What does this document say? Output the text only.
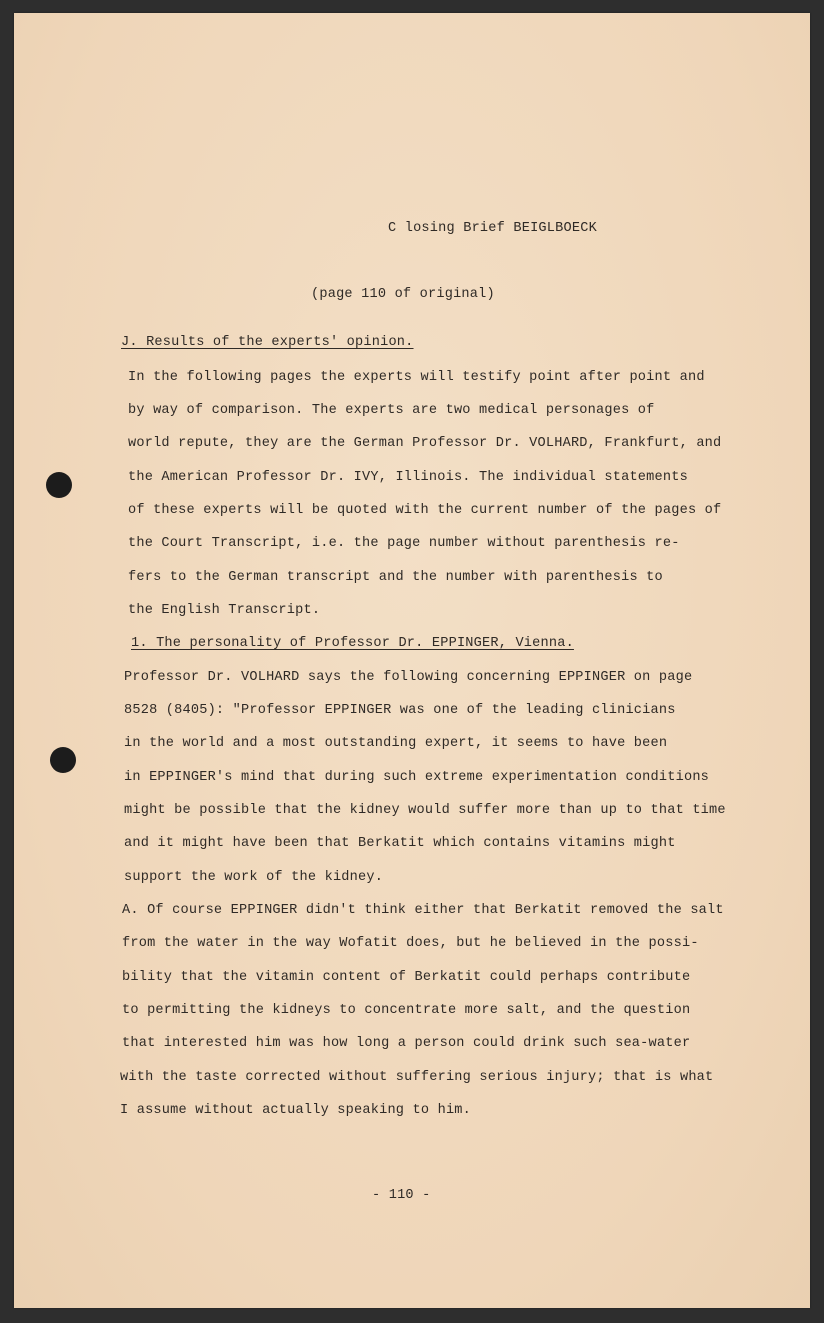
C losing Brief BEIGLBOECK
(page 110 of original)
J. Results of the experts' opinion.
In the following pages the experts will testify point after point and
by way of comparison. The experts are two medical personages of
world repute, they are the German Professor Dr. VOLHARD, Frankfurt, and
the American Professor Dr. IVY, Illinois. The individual statements
of these experts will be quoted with the current number of the pages of
the Court Transcript, i.e. the page number without parenthesis re-
fers to the German transcript and the number with parenthesis to
the English Transcript.
1. The personality of Professor Dr. EPPINGER, Vienna.
Professor Dr. VOLHARD says the following concerning EPPINGER on page
8528 (8405): "Professor EPPINGER was one of the leading clinicians
in the world and a most outstanding expert, it seems to have been
in EPPINGER's mind that during such extreme experimentation conditions
might be possible that the kidney would suffer more than up to that time
and it might have been that Berkatit which contains vitamins might
support the work of the kidney.
A. Of course EPPINGER didn't think either that Berkatit removed the salt
from the water in the way Wofatit does, but he believed in the possi-
bility that the vitamin content of Berkatit could perhaps contribute
to permitting the kidneys to concentrate more salt, and the question
that interested him was how long a person could drink such sea-water
with the taste corrected without suffering serious injury; that is what
I assume without actually speaking to him.
- 110 -
